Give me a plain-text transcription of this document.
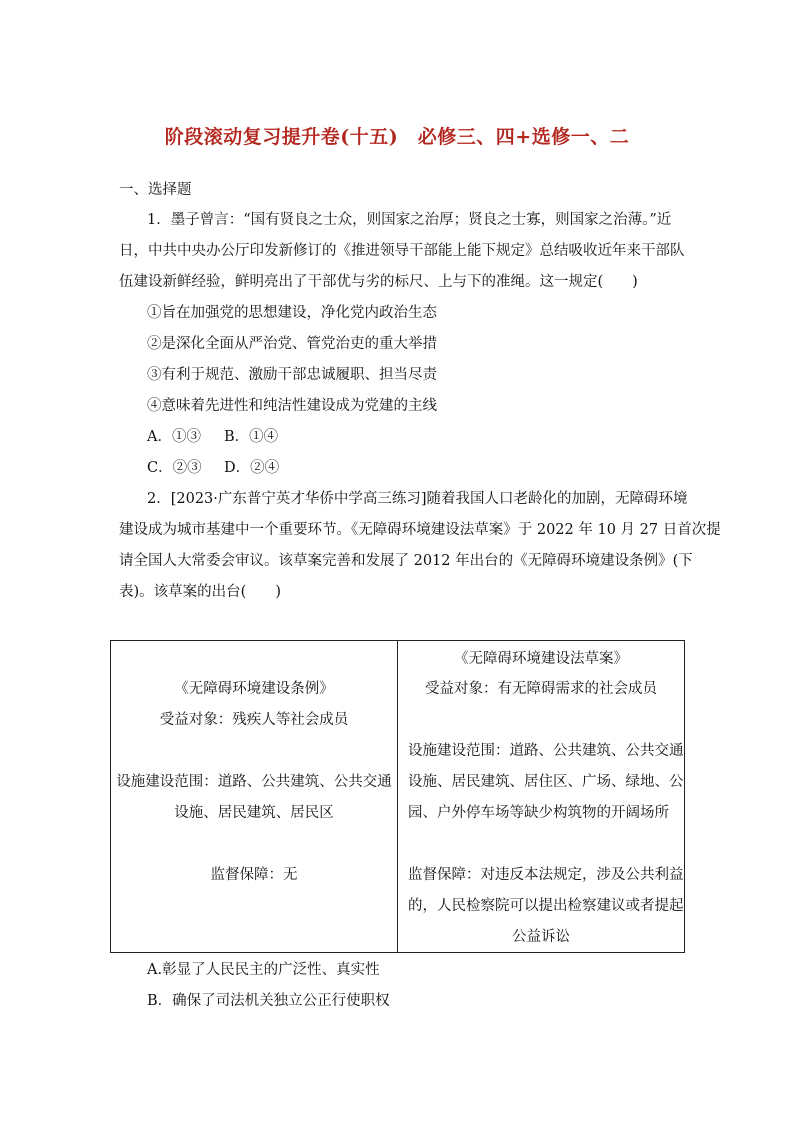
阶段滚动复习提升卷(十五)　必修三、四+选修一、二
一、选择题
1．墨子曾言：“国有贤良之士众，则国家之治厚；贤良之士寡，则国家之治薄。”近
日，中共中央办公厅印发新修订的《推进领导干部能上能下规定》总结吸收近年来干部队
伍建设新鲜经验，鲜明亮出了干部优与劣的标尺、上与下的准绳。这一规定(　　)
①旨在加强党的思想建设，净化党内政治生态
②是深化全面从严治党、管党治吏的重大举措
③有利于规范、激励干部忠诚履职、担当尽责
④意味着先进性和纯洁性建设成为党建的主线
A．①③ B．①④
C．②③ D．②④
2．[2023·广东普宁英才华侨中学高三练习]随着我国人口老龄化的加剧，无障碍环境
建设成为城市基建中一个重要环节。《无障碍环境建设法草案》于 2022 年 10 月 27 日首次提
请全国人大常委会审议。该草案完善和发展了 2012 年出台的《无障碍环境建设条例》(下
表)。该草案的出台(　　)
《无障碍环境建设条例》
受益对象：残疾人等社会成员
设施建设范围：道路、公共建筑、公共交通
设施、居民建筑、居民区
监督保障：无

《无障碍环境建设法草案》
受益对象：有无障碍需求的社会成员
设施建设范围：道路、公共建筑、公共交通
设施、居民建筑、居住区、广场、绿地、公
园、户外停车场等缺少构筑物的开阔场所
监督保障：对违反本法规定，涉及公共利益
的，人民检察院可以提出检察建议或者提起
公益诉讼
A.彰显了人民民主的广泛性、真实性
B．确保了司法机关独立公正行使职权
